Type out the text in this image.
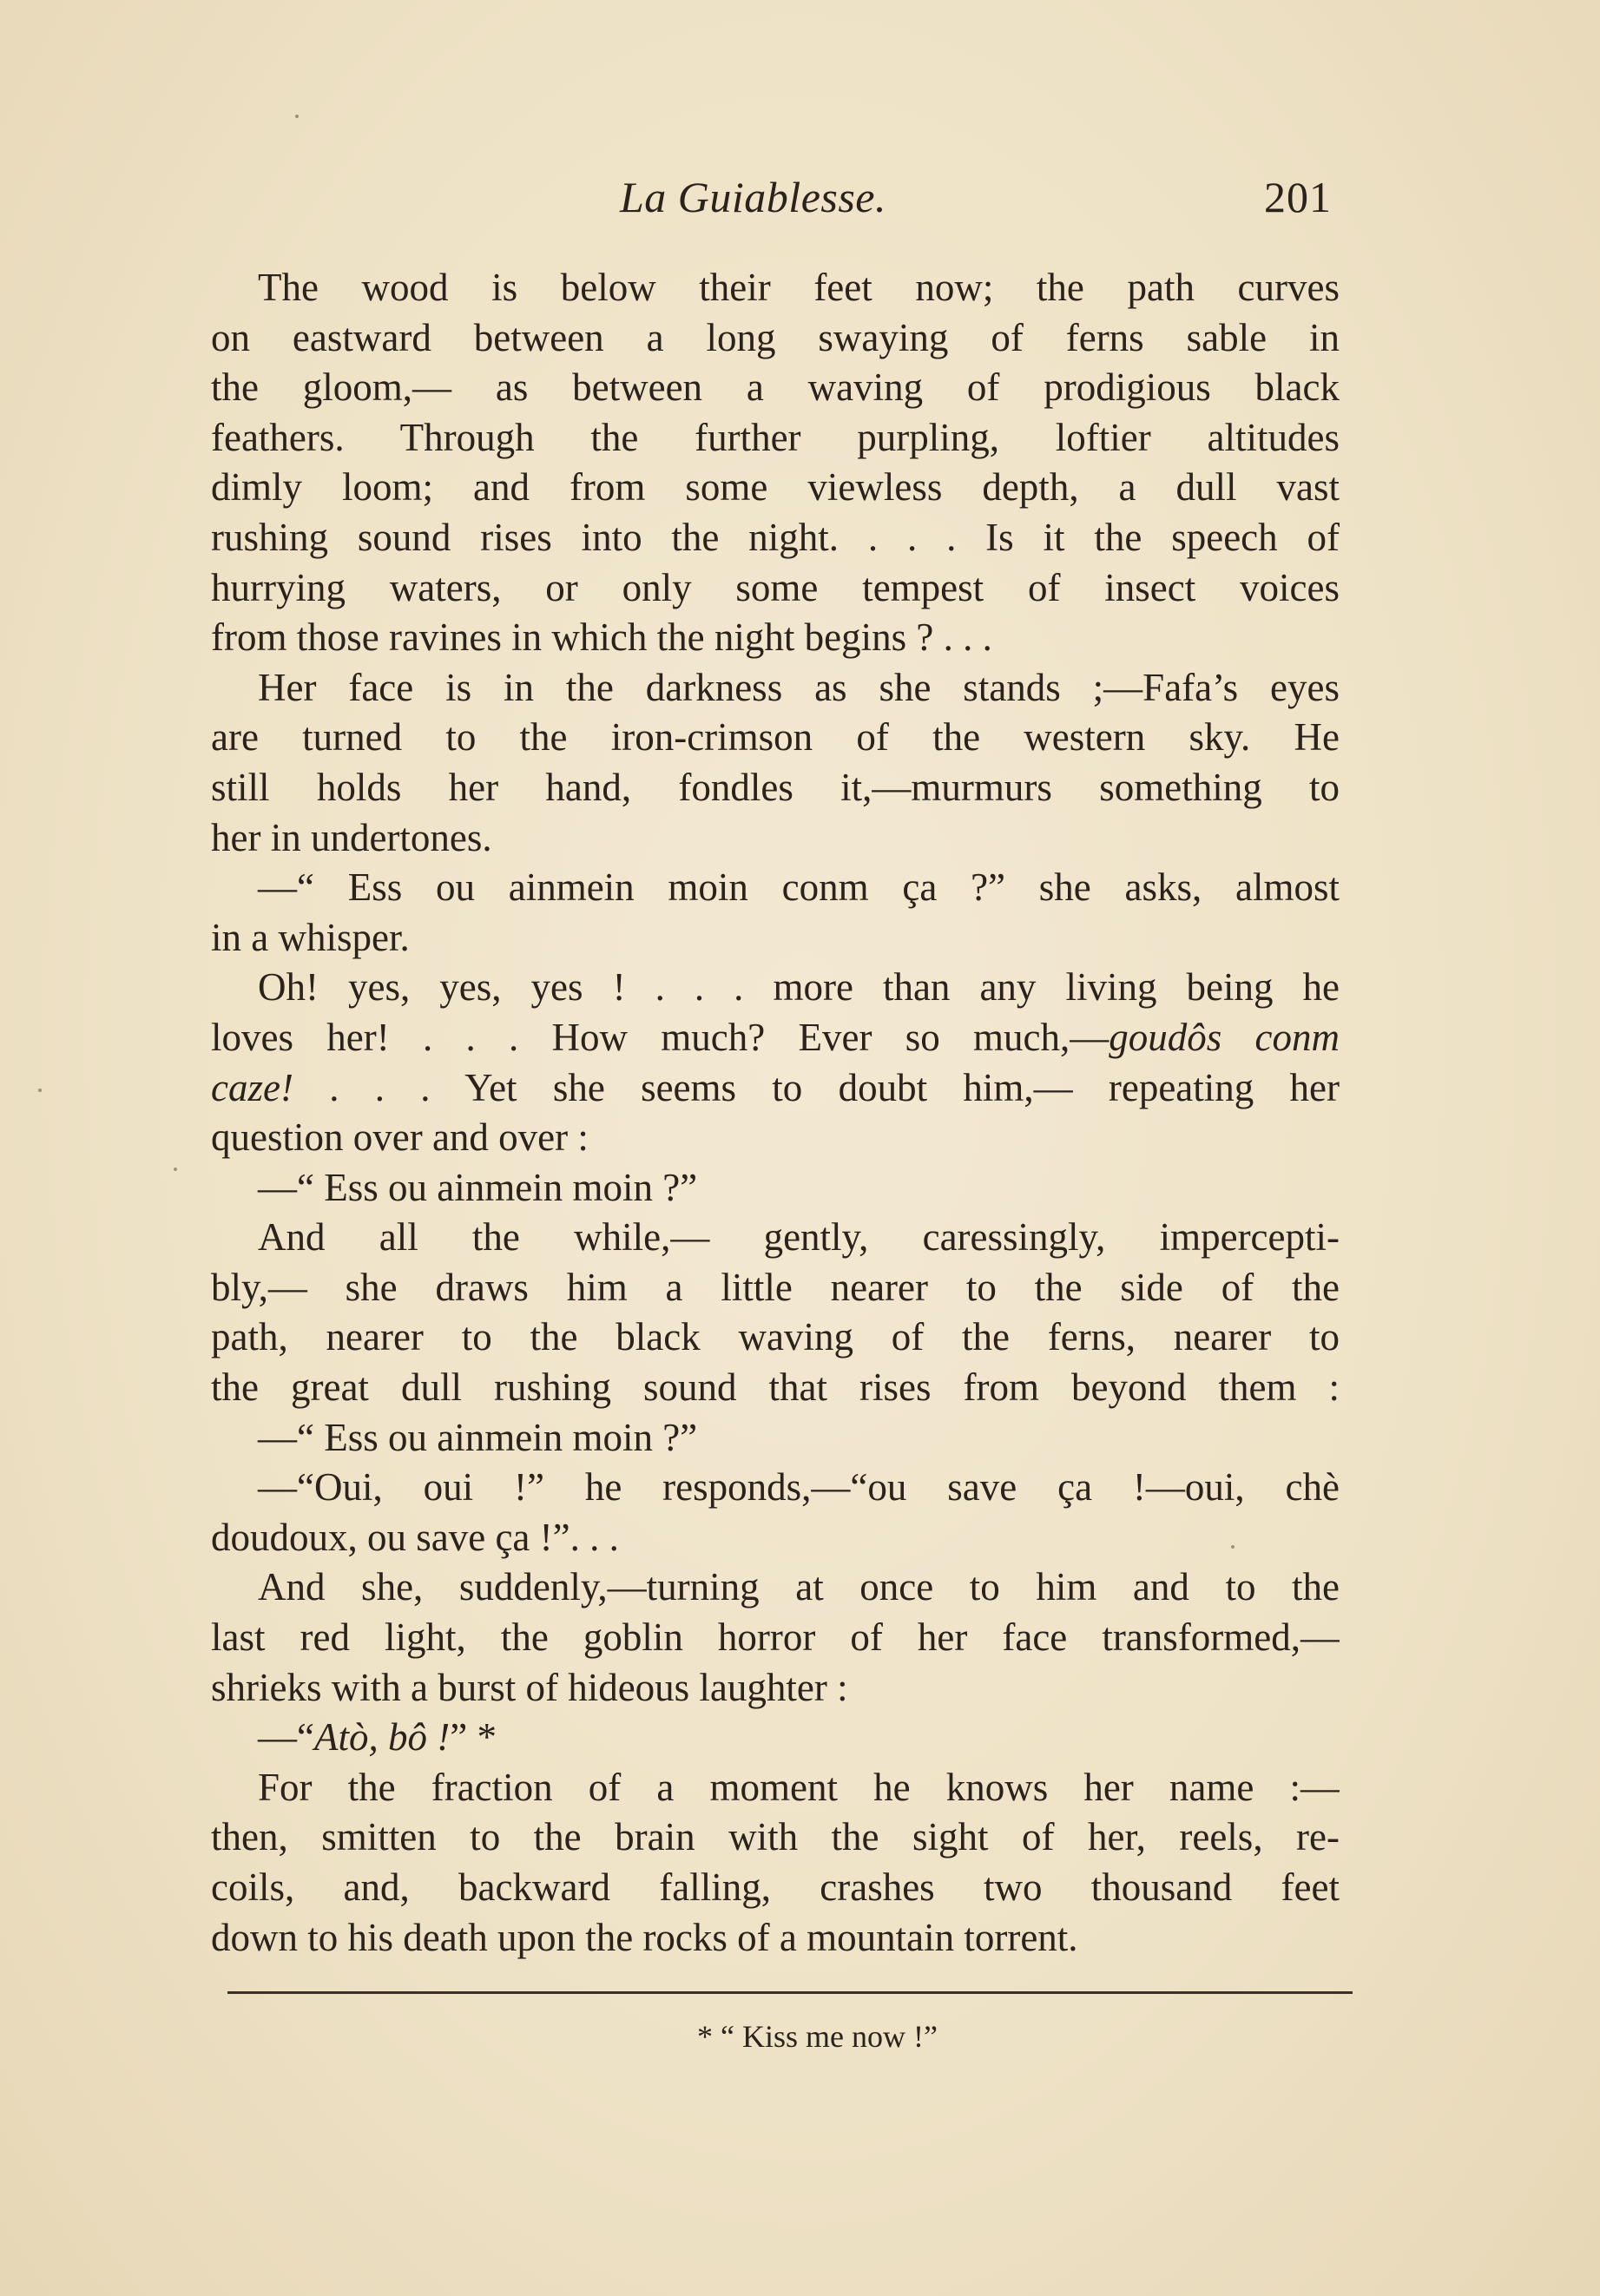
La Guiablesse.	201
The wood is below their feet now; the path curves
on eastward between a long swaying of ferns sable in
the gloom,— as between a waving of prodigious black
feathers. Through the further purpling, loftier altitudes
dimly loom; and from some viewless depth, a dull vast
rushing sound rises into the night. . . . Is it the speech of
hurrying waters, or only some tempest of insect voices
from those ravines in which the night begins ? . . .
Her face is in the darkness as she stands ;—Fafa’s eyes
are turned to the iron-crimson of the western sky. He
still holds her hand, fondles it,—murmurs something to
her in undertones.
—“ Ess ou ainmein moin conm ça ?” she asks, almost
in a whisper.
Oh! yes, yes, yes ! . . . more than any living being he
loves her! . . . How much? Ever so much,—goudôs conm
caze! . . . Yet she seems to doubt him,— repeating her
question over and over :
—“ Ess ou ainmein moin ?”
And all the while,— gently, caressingly, impercepti-
bly,— she draws him a little nearer to the side of the
path, nearer to the black waving of the ferns, nearer to
the great dull rushing sound that rises from beyond them :
—“ Ess ou ainmein moin ?”
—“Oui, oui !” he responds,—“ou save ça !—oui, chè
doudoux, ou save ça !”. . .
And she, suddenly,—turning at once to him and to the
last red light, the goblin horror of her face transformed,—
shrieks with a burst of hideous laughter :
—“Atò, bô !” *
For the fraction of a moment he knows her name :—
then, smitten to the brain with the sight of her, reels, re-
coils, and, backward falling, crashes two thousand feet
down to his death upon the rocks of a mountain torrent.
* “ Kiss me now !”
